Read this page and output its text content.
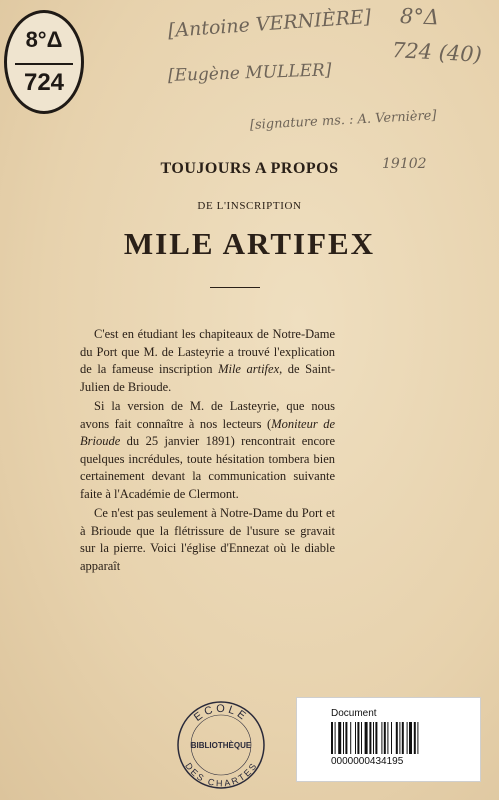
8°Δ
724
[Antoine VERNIÈRE]
[Eugène MULLER]
[signature ms. : A. Vernière]
19102
8°Δ
724 (40)
TOUJOURS A PROPOS
DE L'INSCRIPTION
MILE ARTIFEX

C'est en étudiant les chapiteaux de Notre-Dame du Port que M. de Lasteyrie a trouvé l'explication de la fameuse inscription Mile artifex, de Saint-Julien de Brioude.

Si la version de M. de Lasteyrie, que nous avons fait connaître à nos lecteurs (Moniteur de Brioude du 25 janvier 1891) rencontrait encore quelques incrédules, toute hésitation tombera bien certainement devant la communication suivante faite à l'Académie de Clermont.

Ce n'est pas seulement à Notre-Dame du Port et à Brioude que la flétrissure de l'usure se gravait sur la pierre. Voici l'église d'Ennezat où le diable apparaît

ECOLE
BIBLIOTHÈQUE
DES CHARTES
Document
0000000434195
